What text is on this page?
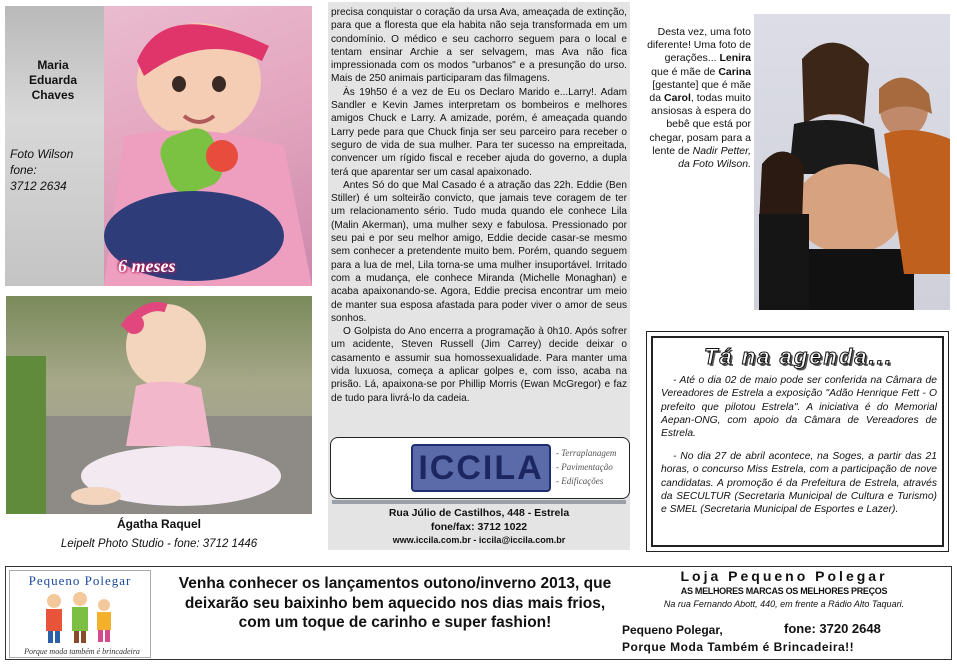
Maria
Eduarda
Chaves
Foto Wilson
fone:
3712 2634
6 meses
Ágatha Raquel
Leipelt Photo Studio - fone: 3712 1446

precisa conquistar o coração da ursa Ava, ameaçada de extinção, para que a floresta que ela habita não seja transformada em um condomínio. O médico e seu cachorro seguem para o local e tentam ensinar Archie a ser selvagem, mas Ava não fica impressionada com os modos "urbanos" e a presunção do urso. Mais de 250 animais participaram das filmagens.

Às 19h50 é a vez de Eu os Declaro Marido e...Larry!. Adam Sandler e Kevin James interpretam os bombeiros e melhores amigos Chuck e Larry. A amizade, porém, é ameaçada quando Larry pede para que Chuck finja ser seu parceiro para receber o seguro de vida de sua mulher. Para ter sucesso na empreitada, convencer um rígido fiscal e receber ajuda do governo, a dupla terá que aparentar ser um casal apaixonado.

Antes Só do que Mal Casado é a atração das 22h. Eddie (Ben Stiller) é um solteirão convicto, que jamais teve coragem de ter um relacionamento sério. Tudo muda quando ele conhece Lila (Malin Akerman), uma mulher sexy e fabulosa. Pressionado por seu pai e por seu melhor amigo, Eddie decide casar-se mesmo sem conhecer a pretendente muito bem. Porém, quando seguem para a lua de mel, Lila torna-se uma mulher insuportável. Irritado com a mudança, ele conhece Miranda (Michelle Monaghan) e acaba apaixonando-se. Agora, Eddie precisa encontrar um meio de manter sua esposa afastada para poder viver o amor de seus sonhos.

O Golpista do Ano encerra a programação à 0h10. Após sofrer um acidente, Steven Russell (Jim Carrey) decide deixar o casamento e assumir sua homossexualidade. Para manter uma vida luxuosa, começa a aplicar golpes e, com isso, acaba na prisão. Lá, apaixona-se por Phillip Morris (Ewan McGregor) e faz de tudo para livrá-lo da cadeia.

ICCILA	- Terraplanagem
- Pavimentação
- Edificações
Rua Júlio de Castilhos, 448 - Estrela
fone/fax: 3712 1022
www.iccila.com.br - iccila@iccila.com.br
Desta vez, uma foto diferente! Uma foto de gerações... Lenira que é mãe de Carina [gestante] que é mãe da Carol, todas muito ansiosas à espera do bebê que está por chegar, posam para a lente de Nadir Petter, da Foto Wilson.
Tá na agenda...
- Até o dia 02 de maio pode ser conferida na Câmara de Vereadores de Estrela a exposição "Adão Henrique Fett - O prefeito que pilotou Estrela". A iniciativa é do Memorial Aepan-ONG, com apoio da Câmara de Vereadores de Estrela.
- No dia 27 de abril acontece, na Soges, a partir das 21 horas, o concurso Miss Estrela, com a participação de nove candidatas. A promoção é da Prefeitura de Estrela, através da SECULTUR (Secretaria Municipal de Cultura e Turismo) e SMEL (Secretaria Municipal de Esportes e Lazer).
Pequeno Polegar
Porque moda também é brincadeira
Venha conhecer os lançamentos outono/inverno 2013, que deixarão seu baixinho bem aquecido nos dias mais frios, com um toque de carinho e super fashion!
Loja Pequeno Polegar
AS MELHORES MARCAS OS MELHORES PREÇOS
Na rua Fernando Abott, 440, em frente a Rádio Alto Taquari.
Pequeno Polegar,	fone: 3720 2648
Porque Moda Também é Brincadeira!!
